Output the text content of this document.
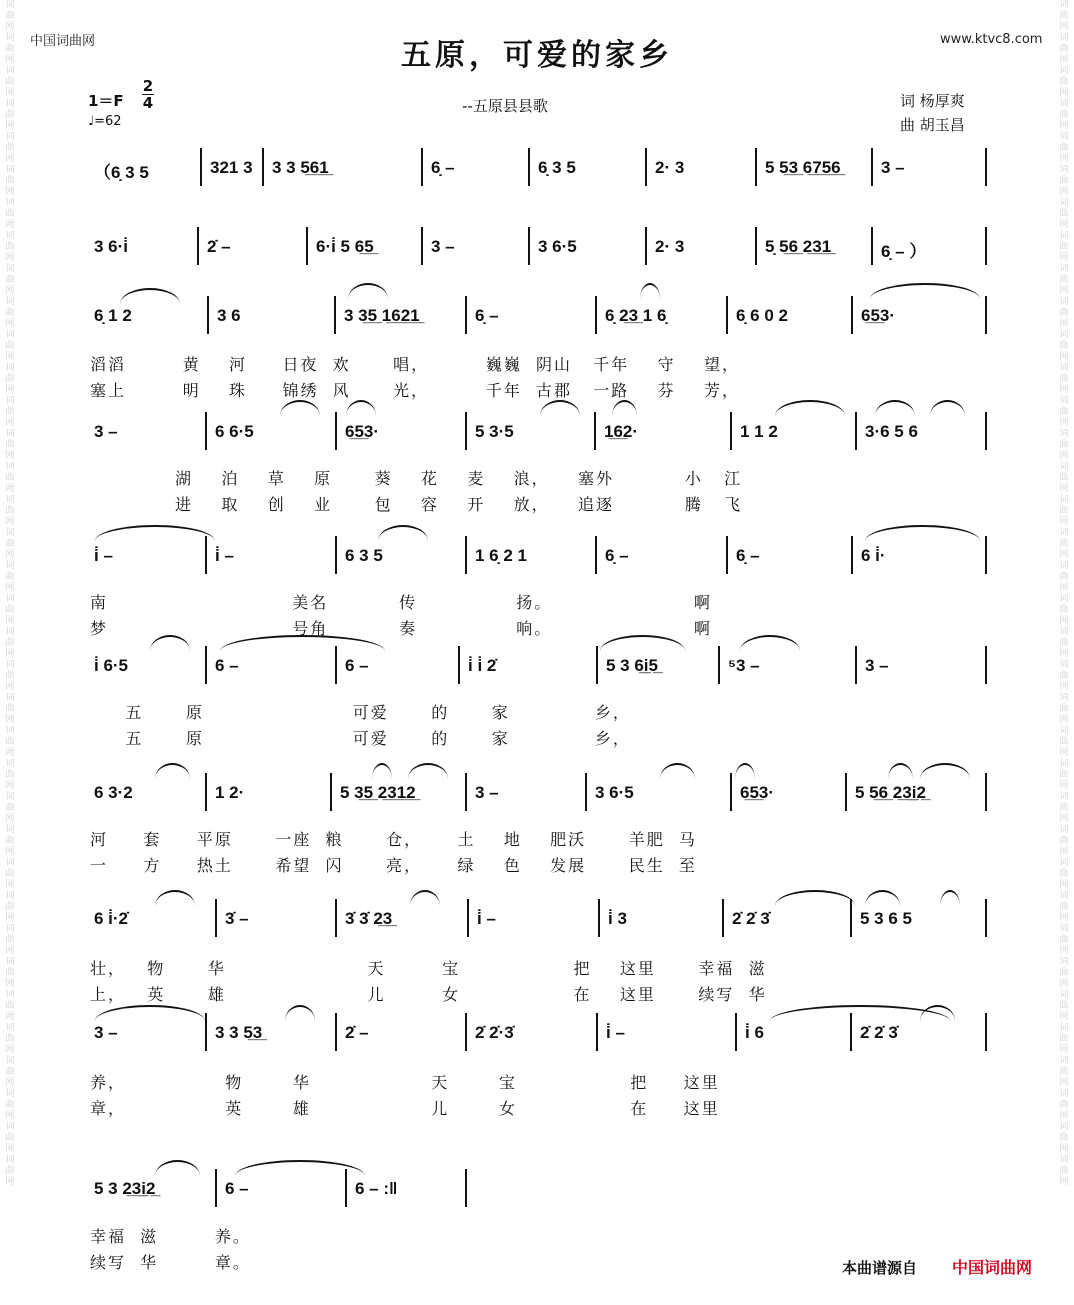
词曲网词曲网词曲网词曲网词曲网词曲网词曲网词曲网词曲网词曲网词曲网词曲网词曲网词曲网词曲网词曲网词曲网词曲网词曲网词曲网词曲网词曲网词曲网词曲网词曲网词曲网词曲网词曲网词曲网词曲网词曲网词曲网词曲网词曲网词曲网词曲网
词曲网词曲网词曲网词曲网词曲网词曲网词曲网词曲网词曲网词曲网词曲网词曲网词曲网词曲网词曲网词曲网词曲网词曲网词曲网词曲网词曲网词曲网词曲网词曲网词曲网词曲网词曲网词曲网词曲网词曲网词曲网词曲网词曲网词曲网词曲网词曲网
中国词曲网	www.ktvc8.com
五原，可爱的家乡
1＝F
2
4
♩=62
--五原县县歌	词 杨厚爽
曲 胡玉昌
（6̣ 3 5	321 3 3 3 5̲6̲1̲	6̣ –	6̣ 3 5	2· 3	5 5̲3̲ 6̲7̲5̲6̲ 3 –
3 6·i̇	2̇ –	6·i̇ 5 6̲5̲	3 –	3 6·5	2· 3	5̣ 5̲6̲ 2̲3̲1̲	6̣ – ）
6̣ 1 2	3 6	3 3̲5̲ 1̲6̲2̲1̲	6̣ –	6̣ 2̲3̲ 1 6̣	6̣ 6 0 2	6̲5̲3·
滔滔        黄    河     日夜  欢      唱，        巍巍  阴山   千年    守    望，
塞上        明    珠     锦绣  风      光，        千年  古郡   一路    芬    芳，
3 –	6 6·5	6̲5̲3·	5 3·5	1̲6̲2·	1 1 2	3·6 5 6
湖    泊    草    原      葵    花    麦    浪，    塞外          小   江
进    取    创    业      包    容    开    放，    追逐          腾   飞
i̇ –	i̇ –	6 3 5	1 6̣ 2 1	6̣ –	6̣ –	6 i̇·
南                          美名          传              扬。                    啊
梦                          号角          奏              响。                    啊
i̇ 6·5	6 –	6 –	i̇ i̇ 2̇	5 3 6̲i̲5̲	⁵3 –	3 –
五      原                     可爱      的      家            乡，
五      原                     可爱      的      家            乡，
6 3·2	1 2·	5 3̲5̲ 2̲3̲1̲2̲	3 –	3 6·5	6̲5̲3·	5 5̲6̲ 2̲3̲i̲2̲
河     套     平原      一座  粮      仓，     土    地    肥沃      羊肥  马
一     方     热土      希望  闪      亮，     绿    色    发展      民生  至
6 i̇·2̇	3̇ –	3̇ 3̇ 2̲3̲	i̇ –	i̇ 3	2̇ 2̇ 3̇	5 3 6 5
壮，   物      华                    天        宝                把    这里      幸福  滋
上，   英      雄                    儿        女                在    这里      续写  华
3 –	3 3 5̲3̲	2̇ –	2̇ 2̇·3̇	i̇ –	i̇ 6	2̇ 2̇ 3̇
养，              物       华                 天       宝                把     这里
章，              英       雄                 儿       女                在     这里
5 3 2̲3̲i̲2̲	6 –	6 – :‖
幸福  滋        养。
续写  华        章。	本曲谱源自 中国词曲网
